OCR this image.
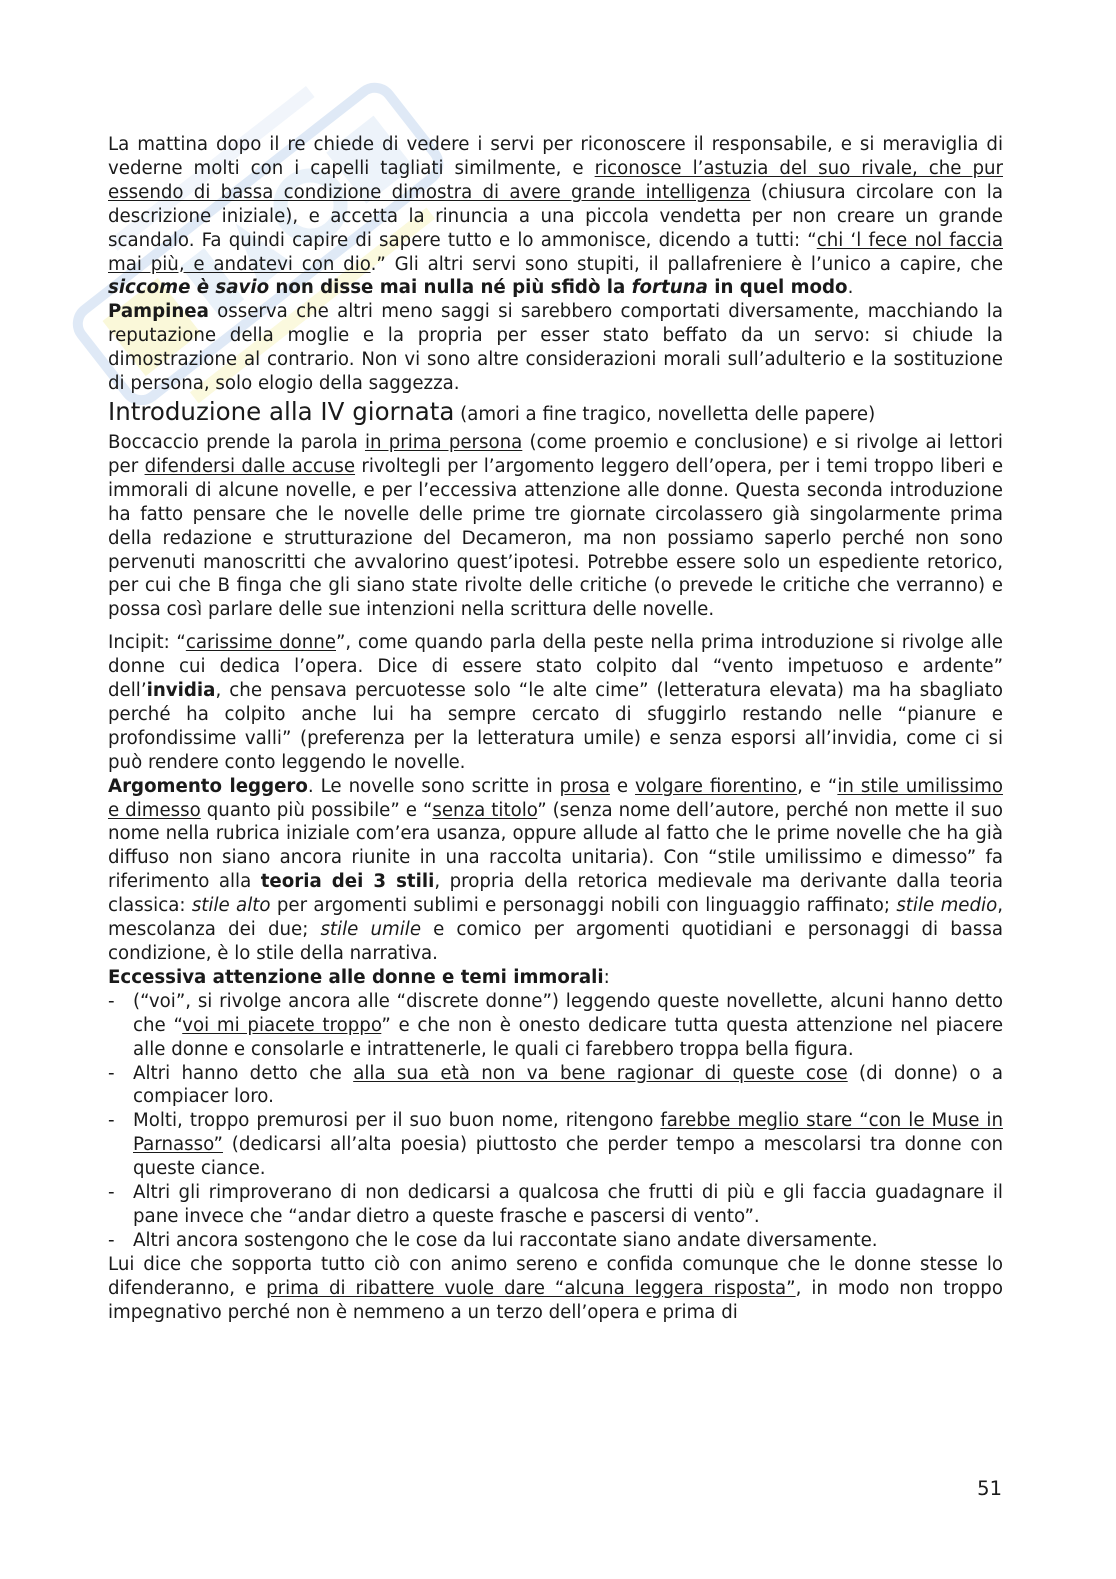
La mattina dopo il re chiede di vedere i servi per riconoscere il responsabile, e si meraviglia di vederne molti con i capelli tagliati similmente, e riconosce l’astuzia del suo rivale, che pur essendo di bassa condizione dimostra di avere grande intelligenza (chiusura circolare con la descrizione iniziale), e accetta la rinuncia a una piccola vendetta per non creare un grande scandalo. Fa quindi capire di sapere tutto e lo ammonisce, dicendo a tutti: “chi ‘l fece nol faccia mai più, e andatevi con dio.” Gli altri servi sono stupiti, il pallafreniere è l’unico a capire, che siccome è savio non disse mai nulla né più sfidò la fortuna in quel modo.

Pampinea osserva che altri meno saggi si sarebbero comportati diversamente, macchiando la reputazione della moglie e la propria per esser stato beffato da un servo: si chiude la dimostrazione al contrario. Non vi sono altre considerazioni morali sull’adulterio e la sostituzione di persona, solo elogio della saggezza.

Introduzione alla IV giornata (amori a fine tragico, novelletta delle papere)

Boccaccio prende la parola in prima persona (come proemio e conclusione) e si rivolge ai lettori per difendersi dalle accuse rivoltegli per l’argomento leggero dell’opera, per i temi troppo liberi e immorali di alcune novelle, e per l’eccessiva attenzione alle donne. Questa seconda introduzione ha fatto pensare che le novelle delle prime tre giornate circolassero già singolarmente prima della redazione e strutturazione del Decameron, ma non possiamo saperlo perché non sono pervenuti manoscritti che avvalorino quest’ipotesi. Potrebbe essere solo un espediente retorico, per cui che B finga che gli siano state rivolte delle critiche (o prevede le critiche che verranno) e possa così parlare delle sue intenzioni nella scrittura delle novelle.

Incipit: “carissime donne”, come quando parla della peste nella prima introduzione si rivolge alle donne cui dedica l’opera. Dice di essere stato colpito dal “vento impetuoso e ardente” dell’invidia, che pensava percuotesse solo “le alte cime” (letteratura elevata) ma ha sbagliato perché ha colpito anche lui ha sempre cercato di sfuggirlo restando nelle “pianure e profondissime valli” (preferenza per la letteratura umile) e senza esporsi all’invidia, come ci si può rendere conto leggendo le novelle.

Argomento leggero. Le novelle sono scritte in prosa e volgare fiorentino, e “in stile umilissimo e dimesso quanto più possibile” e “senza titolo” (senza nome dell’autore, perché non mette il suo nome nella rubrica iniziale com’era usanza, oppure allude al fatto che le prime novelle che ha già diffuso non siano ancora riunite in una raccolta unitaria). Con “stile umilissimo e dimesso” fa riferimento alla teoria dei 3 stili, propria della retorica medievale ma derivante dalla teoria classica: stile alto per argomenti sublimi e personaggi nobili con linguaggio raffinato; stile medio, mescolanza dei due; stile umile e comico per argomenti quotidiani e personaggi di bassa condizione, è lo stile della narrativa.

Eccessiva attenzione alle donne e temi immorali:

- (“voi”, si rivolge ancora alle “discrete donne”) leggendo queste novellette, alcuni hanno detto che “voi mi piacete troppo” e che non è onesto dedicare tutta questa attenzione nel piacere alle donne e consolarle e intrattenerle, le quali ci farebbero troppa bella figura.
- Altri hanno detto che alla sua età non va bene ragionar di queste cose (di donne) o a compiacer loro.
- Molti, troppo premurosi per il suo buon nome, ritengono farebbe meglio stare “con le Muse in Parnasso” (dedicarsi all’alta poesia) piuttosto che perder tempo a mescolarsi tra donne con queste ciance.
- Altri gli rimproverano di non dedicarsi a qualcosa che frutti di più e gli faccia guadagnare il pane invece che “andar dietro a queste frasche e pascersi di vento”.
- Altri ancora sostengono che le cose da lui raccontate siano andate diversamente.

Lui dice che sopporta tutto ciò con animo sereno e confida comunque che le donne stesse lo difenderanno, e prima di ribattere vuole dare “alcuna leggera risposta”, in modo non troppo impegnativo perché non è nemmeno a un terzo dell’opera e prima di

51
